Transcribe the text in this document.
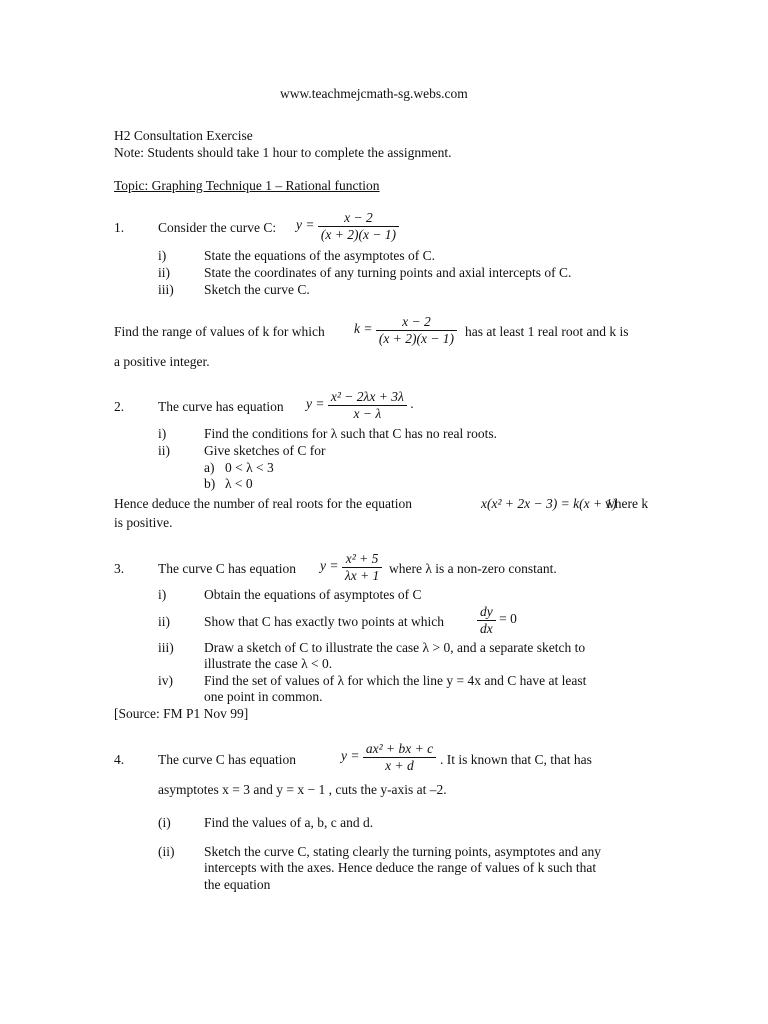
www.teachmejcmath-sg.webs.com
H2 Consultation Exercise
Note: Students should take 1 hour to complete the assignment.
Topic: Graphing Technique 1 – Rational function
1.	Consider the curve C: $y = \frac{x - 2}{(x + 2)(x - 1)}$
i)	State the equations of the asymptotes of C.
ii)	State the coordinates of any turning points and axial intercepts of C.
iii) Sketch the curve C.
Find the range of values of k for which $k = \frac{x - 2}{(x + 2)(x - 1)}$ has at least 1 real root and k is
a positive integer.
2.	The curve has equation $y = \frac{\text{x² − 2λx + 3λ}}{x - \lambda}$ .
i)	Find the conditions for λ such that C has no real roots.
ii)	Give sketches of C for
a) 0 < λ < 3
b) λ < 0
Hence deduce the number of real roots for the equation	x(x² + 2x − 3) = k(x + 1)
where k
is positive.
3.	The curve C has equation $y = \frac{\text{x² + 5}}{\lambda x + 1}$ where λ is a non-zero constant.
i)	Obtain the equations of asymptotes of C
ii)	Show that C has exactly two points at which $\frac{dy}{dx} = 0$
iii) Draw a sketch of C to illustrate the case λ > 0, and a separate sketch to
illustrate the case λ < 0.
iv) Find the set of values of λ for which the line y = 4x and C have at least
one point in common.
[Source: FM P1 Nov 99]
4.	The curve C has equation	$y = \frac{\text{ax² + bx + c}}{x + d}$ . It is known that C, that has
asymptotes x = 3 and y = x − 1 , cuts the y-axis at –2.
(i) Find the values of a, b, c and d.
(ii) Sketch the curve C, stating clearly the turning points, asymptotes and any
intercepts with the axes. Hence deduce the range of values of k such that
the equation
